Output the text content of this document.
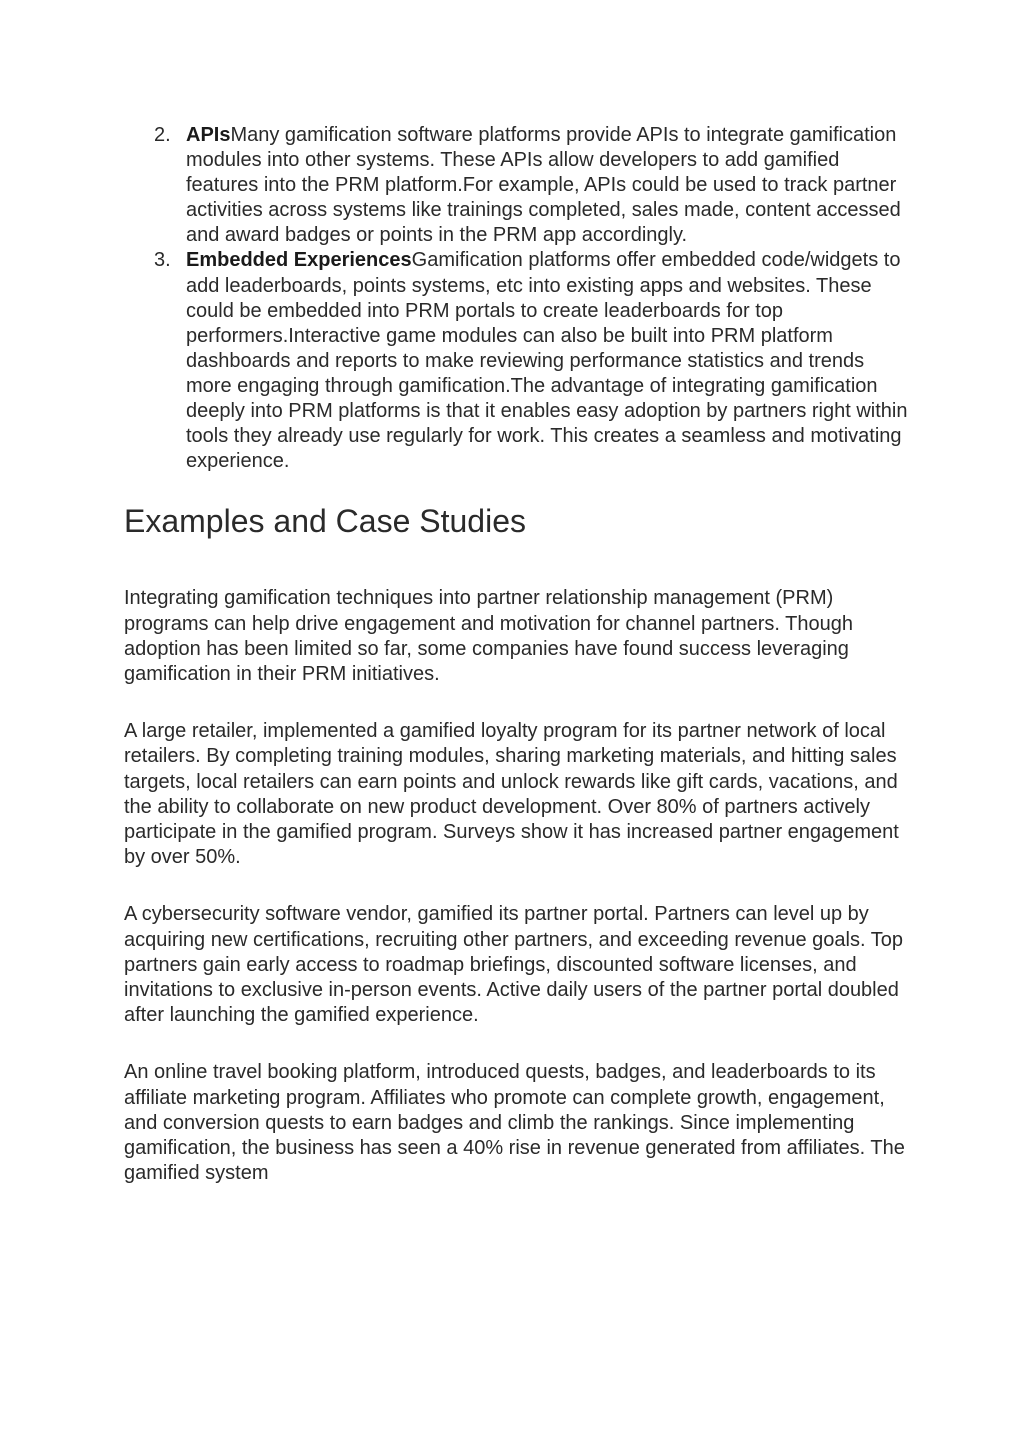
2. APIsMany gamification software platforms provide APIs to integrate gamification modules into other systems. These APIs allow developers to add gamified features into the PRM platform.For example, APIs could be used to track partner activities across systems like trainings completed, sales made, content accessed and award badges or points in the PRM app accordingly.
3. Embedded ExperiencesGamification platforms offer embedded code/widgets to add leaderboards, points systems, etc into existing apps and websites. These could be embedded into PRM portals to create leaderboards for top performers.Interactive game modules can also be built into PRM platform dashboards and reports to make reviewing performance statistics and trends more engaging through gamification.The advantage of integrating gamification deeply into PRM platforms is that it enables easy adoption by partners right within tools they already use regularly for work. This creates a seamless and motivating experience.
Examples and Case Studies

Integrating gamification techniques into partner relationship management (PRM) programs can help drive engagement and motivation for channel partners. Though adoption has been limited so far, some companies have found success leveraging gamification in their PRM initiatives.

A large retailer, implemented a gamified loyalty program for its partner network of local retailers. By completing training modules, sharing marketing materials, and hitting sales targets, local retailers can earn points and unlock rewards like gift cards, vacations, and the ability to collaborate on new product development. Over 80% of partners actively participate in the gamified program. Surveys show it has increased partner engagement by over 50%.

A cybersecurity software vendor, gamified its partner portal. Partners can level up by acquiring new certifications, recruiting other partners, and exceeding revenue goals. Top partners gain early access to roadmap briefings, discounted software licenses, and invitations to exclusive in-person events. Active daily users of the partner portal doubled after launching the gamified experience.

An online travel booking platform, introduced quests, badges, and leaderboards to its affiliate marketing program. Affiliates who promote can complete growth, engagement, and conversion quests to earn badges and climb the rankings. Since implementing gamification, the business has seen a 40% rise in revenue generated from affiliates. The gamified system
